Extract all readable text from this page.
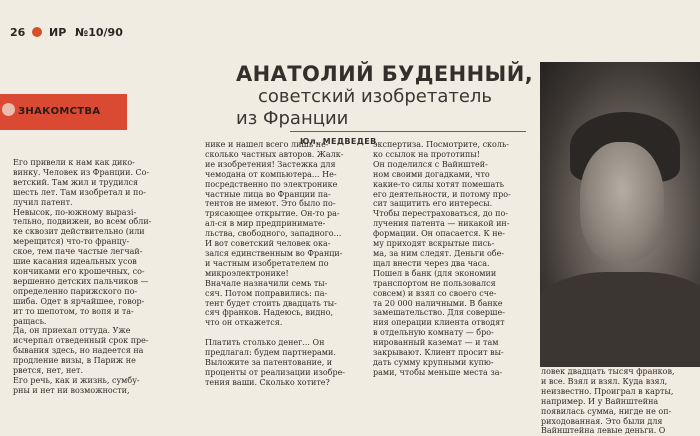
26 ИР №10/90
ЗНАКОМСТВА
АНАТОЛИЙ БУДЕННЫЙ,
советский изобретатель
из Франции
Юл. МЕДВЕДЕВ

Его привели к нам как дико-

винку. Человек из Франции. Со-

ветский. Там жил и трудился

шесть лет. Там изобретал и по-

лучил патент.

Невысок, по-южному выразі-

тельно, подвижен, во всем обли-

ке сквозит действительно (или

мерещится) что-то францу-

ское, тем паче частые легчай-

шие касания идеальных усов

кончиками его крошечных, со-

вершенно детских пальчиков —

определенно парижского пo-

шиба. Одет в ярчайшее, говор-

ит то шепотом, то вопя и та-

ращась.

Да, он приехал оттуда. Уже

исчерпал отведенный срок пре-

бывания здесь, но надеется на

продление визы, в Париж не

рвется, нет, нет.

Его речь, как и жизнь, сумбу-

рны и нет ни возможности,

нике и нашел всего лишь не-

сколько частных авторов. Жалк-

ие изобретения! Застежка для

чемодана от компьютера... Не-

посредственно по электронике

частные лица во Франции па-

тентов не имеют. Это было по-

трясающее открытие. Он-то ра-

ал-ся в мир предпринимате-

льства, свободного, западного...

И вот советский человек ока-

зался единственным во Франци-

и частным изобретателем по

микроэлектронике!

Вначале назначили семь ты-

сяч. Потом поправились: па-

тент будет стоить двадцать ты-

сяч франков. Надеюсь, видно,

что он откажется.

Платить столько денег... Он

предлагал: будем партнерами.

Выложите за патентование, и

проценты от реализации изобре-

тения ваши. Сколько хотите?

экспертиза. Посмотрите, сколь-

ко ссылок на прототипы!

Он поделился с Вайнштей-

ном своими догадками, что

какие-то силы хотят помешать

его деятельности, и потому про-

сит защитить его интересы.

Чтобы перестраховаться, до по-

лучения патента — никакой ин-

формации. Он опасается. К не-

му приходят вскрытые пись-

ма, за ним следят. Деньги обе-

щал внести через два часа.

Пошел в банк (для экономии

транспортом не пользовался

совсем) и взял со своего сче-

та 20 000 наличными. В банке

замешательство. Для соверше-

ния операции клиента отводят

в отдельную комнату — бро-

нированный каземат — и там

закрывают. Клиент просит вы-

дать сумму крупными купю-

рами, чтобы меньше места за-	ловек двадцать тысяч франков,

и все. Взял и взял. Куда взял,

неизвестно. Проиграл в карты,

например. И у Вайнштейна

появилась сумма, нигде не оп-

риходованная. Это были для

Вайнштейна левые деньги. О
